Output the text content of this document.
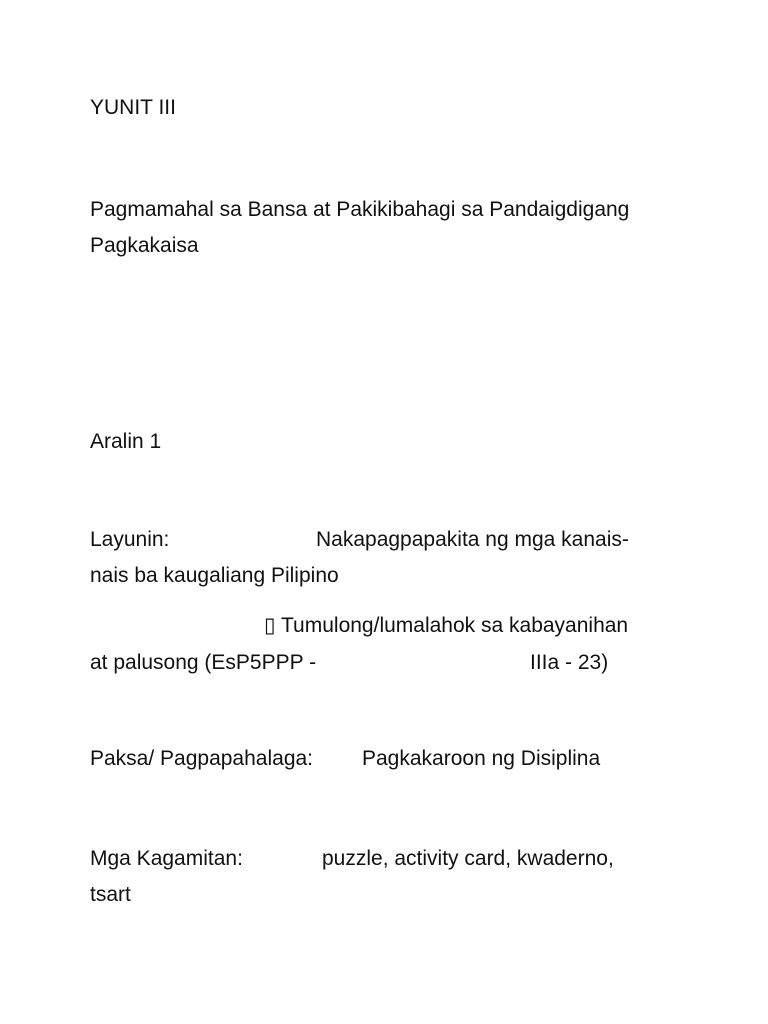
YUNIT III
Pagmamahal sa Bansa at Pakikibahagi sa Pandaigdigang
Pagkakaisa
Aralin 1
Layunin:	Nakapagpapakita ng mga kanais-
nais ba kaugaliang Pilipino
▯ Tumulong/lumalahok sa kabayanihan
at palusong (EsP5PPP -	IIIa - 23)
Paksa/ Pagpapahalaga: Pagkakaroon ng Disiplina
Mga Kagamitan:	puzzle, activity card, kwaderno,
tsart
